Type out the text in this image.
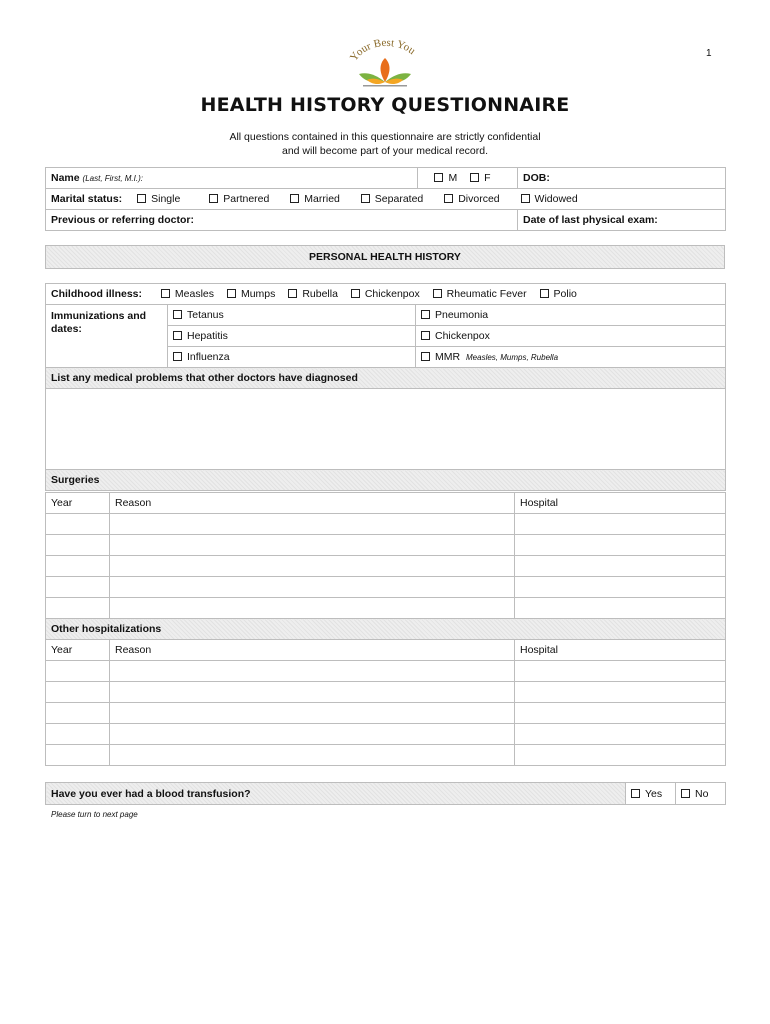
1
Your Best You
HEALTH HISTORY QUESTIONNAIRE
All questions contained in this questionnaire are strictly confidential
and will become part of your medical record.
Name (Last, First, M.I.):	M F	DOB:
Marital status: Single Partnered Married Separated Divorced Widowed		
Previous or referring doctor:		Date of last physical exam:
PERSONAL HEALTH HISTORY
Childhood illness: Measles Mumps Rubella Chickenpox Rheumatic Fever Polio		
Immunizations and dates:	Tetanus	Pneumonia
	Hepatitis	Chickenpox
	Influenza	MMR Measles, Mumps, Rubella
List any medical problems that other doctors have diagnosed		

Surgeries		
Year	Reason	Hospital

Other hospitalizations		
Year	Reason	Hospital

Have you ever had a blood transfusion?	Yes	No
Please turn to next page
